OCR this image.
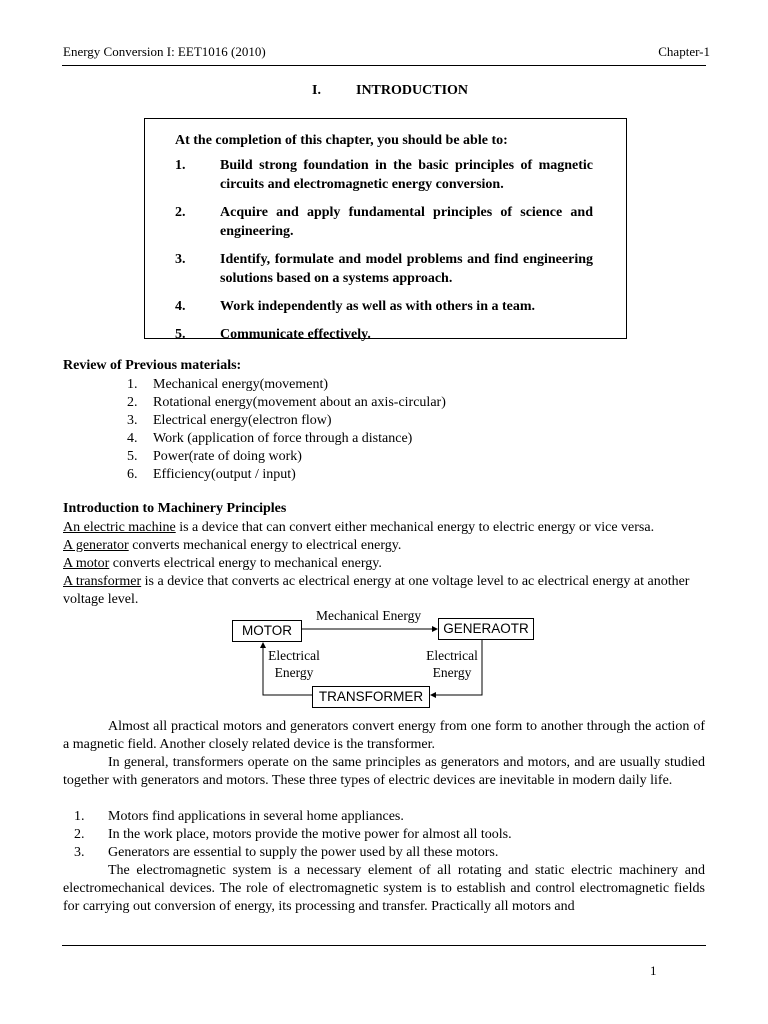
Energy Conversion I: EET1016 (2010)	Chapter-1
I.	INTRODUCTION
At the completion of this chapter, you should be able to:
1.	Build strong foundation in the basic principles of magnetic circuits and electromagnetic energy conversion.
2.	Acquire and apply fundamental principles of science and engineering.
3.	Identify, formulate and model problems and find engineering solutions based on a systems approach.
4.	Work independently as well as with others in a team.
5.	Communicate effectively.
Review of Previous materials:
1.	Mechanical energy(movement)
2.	Rotational energy(movement about an axis-circular)
3.	Electrical energy(electron flow)
4.	Work (application of force through a distance)
5.	Power(rate of doing work)
6.	Efficiency(output / input)
Introduction to Machinery Principles
An electric machine is a device that can convert either mechanical energy to electric energy or vice versa.
A generator converts mechanical energy to electrical energy.
A motor converts electrical energy to mechanical energy.
A transformer is a device that converts ac electrical energy at one voltage level to ac electrical energy at another voltage level.
MOTOR	GENERAOTR
TRANSFORMER
Mechanical Energy
Electrical
Energy
Electrical
Energy
Almost all practical motors and generators convert energy from one form to another through the action of a magnetic field. Another closely related device is the transformer.
In general, transformers operate on the same principles as generators and motors, and are usually studied together with generators and motors. These three types of electric devices are inevitable in modern daily life.
1.	Motors find applications in several home appliances.
2.	In the work place, motors provide the motive power for almost all tools.
3.	Generators are essential to supply the power used by all these motors.
The electromagnetic system is a necessary element of all rotating and static electric machinery and electromechanical devices. The role of electromagnetic system is to establish and control electromagnetic fields for carrying out conversion of energy, its processing and transfer. Practically all motors and
1
